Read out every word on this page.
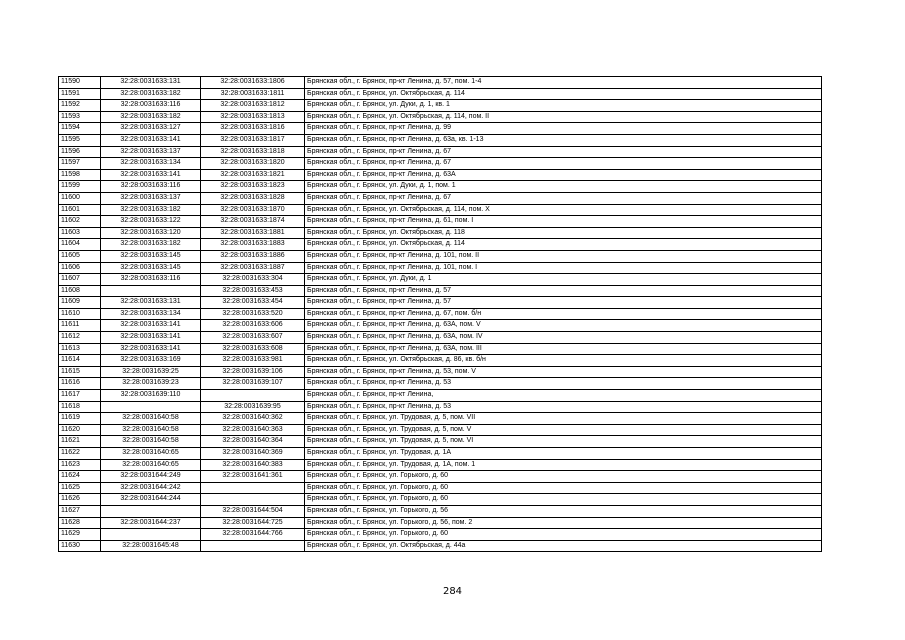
11590	32:28:0031633:131	32:28:0031633:1806	Брянская обл., г. Брянск, пр-кт Ленина, д. 57, пом. 1-4
11591	32:28:0031633:182	32:28:0031633:1811	Брянская обл., г. Брянск, ул. Октябрьская, д. 114
11592	32:28:0031633:116	32:28:0031633:1812	Брянская обл., г. Брянск, ул. Дуки, д. 1, кв. 1
11593	32:28:0031633:182	32:28:0031633:1813	Брянская обл., г. Брянск, ул. Октябрьская, д. 114, пом. II
11594	32:28:0031633:127	32:28:0031633:1816	Брянская обл., г. Брянск, пр-кт Ленина, д. 99
11595	32:28:0031633:141	32:28:0031633:1817	Брянская обл., г. Брянск, пр-кт Ленина, д. 63а, кв. 1-13
11596	32:28:0031633:137	32:28:0031633:1818	Брянская обл., г. Брянск, пр-кт Ленина, д. 67
11597	32:28:0031633:134	32:28:0031633:1820	Брянская обл., г. Брянск, пр-кт Ленина, д. 67
11598	32:28:0031633:141	32:28:0031633:1821	Брянская обл., г. Брянск, пр-кт Ленина, д. 63А
11599	32:28:0031633:116	32:28:0031633:1823	Брянская обл., г. Брянск, ул. Дуки, д. 1, пом. 1
11600	32:28:0031633:137	32:28:0031633:1828	Брянская обл., г. Брянск, пр-кт Ленина, д. 67
11601	32:28:0031633:182	32:28:0031633:1870	Брянская обл., г. Брянск, ул. Октябрьская, д. 114, пом. X
11602	32:28:0031633:122	32:28:0031633:1874	Брянская обл., г. Брянск, пр-кт Ленина, д. 61, пом. I
11603	32:28:0031633:120	32:28:0031633:1881	Брянская обл., г. Брянск, ул. Октябрьская, д. 118
11604	32:28:0031633:182	32:28:0031633:1883	Брянская обл., г. Брянск, ул. Октябрьская, д. 114
11605	32:28:0031633:145	32:28:0031633:1886	Брянская обл., г. Брянск, пр-кт Ленина, д. 101, пом. II
11606	32:28:0031633:145	32:28:0031633:1887	Брянская обл., г. Брянск, пр-кт Ленина, д. 101, пом. I
11607	32:28:0031633:116	32:28:0031633:304	Брянская обл., г. Брянск, ул. Дуки, д. 1
11608		32:28:0031633:453	Брянская обл., г. Брянск, пр-кт Ленина, д. 57
11609	32:28:0031633:131	32:28:0031633:454	Брянская обл., г. Брянск, пр-кт Ленина, д. 57
11610	32:28:0031633:134	32:28:0031633:520	Брянская обл., г. Брянск, пр-кт Ленина, д. 67, пом. б/н
11611	32:28:0031633:141	32:28:0031633:606	Брянская обл., г. Брянск, пр-кт Ленина, д. 63А, пом. V
11612	32:28:0031633:141	32:28:0031633:607	Брянская обл., г. Брянск, пр-кт Ленина, д. 63А, пом. IV
11613	32:28:0031633:141	32:28:0031633:608	Брянская обл., г. Брянск, пр-кт Ленина, д. 63А, пом. III
11614	32:28:0031633:169	32:28:0031633:981	Брянская обл., г. Брянск, ул. Октябрьская, д. 86, кв. б/н
11615	32:28:0031639:25	32:28:0031639:106	Брянская обл., г. Брянск, пр-кт Ленина, д. 53, пом. V
11616	32:28:0031639:23	32:28:0031639:107	Брянская обл., г. Брянск, пр-кт Ленина, д. 53
11617	32:28:0031639:110		Брянская обл., г. Брянск, пр-кт Ленина,
11618		32:28:0031639:95	Брянская обл., г. Брянск, пр-кт Ленина, д. 53
11619	32:28:0031640:58	32:28:0031640:362	Брянская обл., г. Брянск, ул. Трудовая, д. 5, пом. VII
11620	32:28:0031640:58	32:28:0031640:363	Брянская обл., г. Брянск, ул. Трудовая, д. 5, пом. V
11621	32:28:0031640:58	32:28:0031640:364	Брянская обл., г. Брянск, ул. Трудовая, д. 5, пом. VI
11622	32:28:0031640:65	32:28:0031640:369	Брянская обл., г. Брянск, ул. Трудовая, д. 1А
11623	32:28:0031640:65	32:28:0031640:383	Брянская обл., г. Брянск, ул. Трудовая, д. 1А, пом. 1
11624	32:28:0031644:249	32:28:0031641:361	Брянская обл., г. Брянск, ул. Горького, д. 60
11625	32:28:0031644:242		Брянская обл., г. Брянск, ул. Горького, д. 60
11626	32:28:0031644:244		Брянская обл., г. Брянск, ул. Горького, д. 60
11627		32:28:0031644:504	Брянская обл., г. Брянск, ул. Горького, д. 56
11628	32:28:0031644:237	32:28:0031644:725	Брянская обл., г. Брянск, ул. Горького, д. 56, пом. 2
11629		32:28:0031644:766	Брянская обл., г. Брянск, ул. Горького, д. 60
11630	32:28:0031645:48		Брянская обл., г. Брянск, ул. Октябрьская, д. 44а
284
